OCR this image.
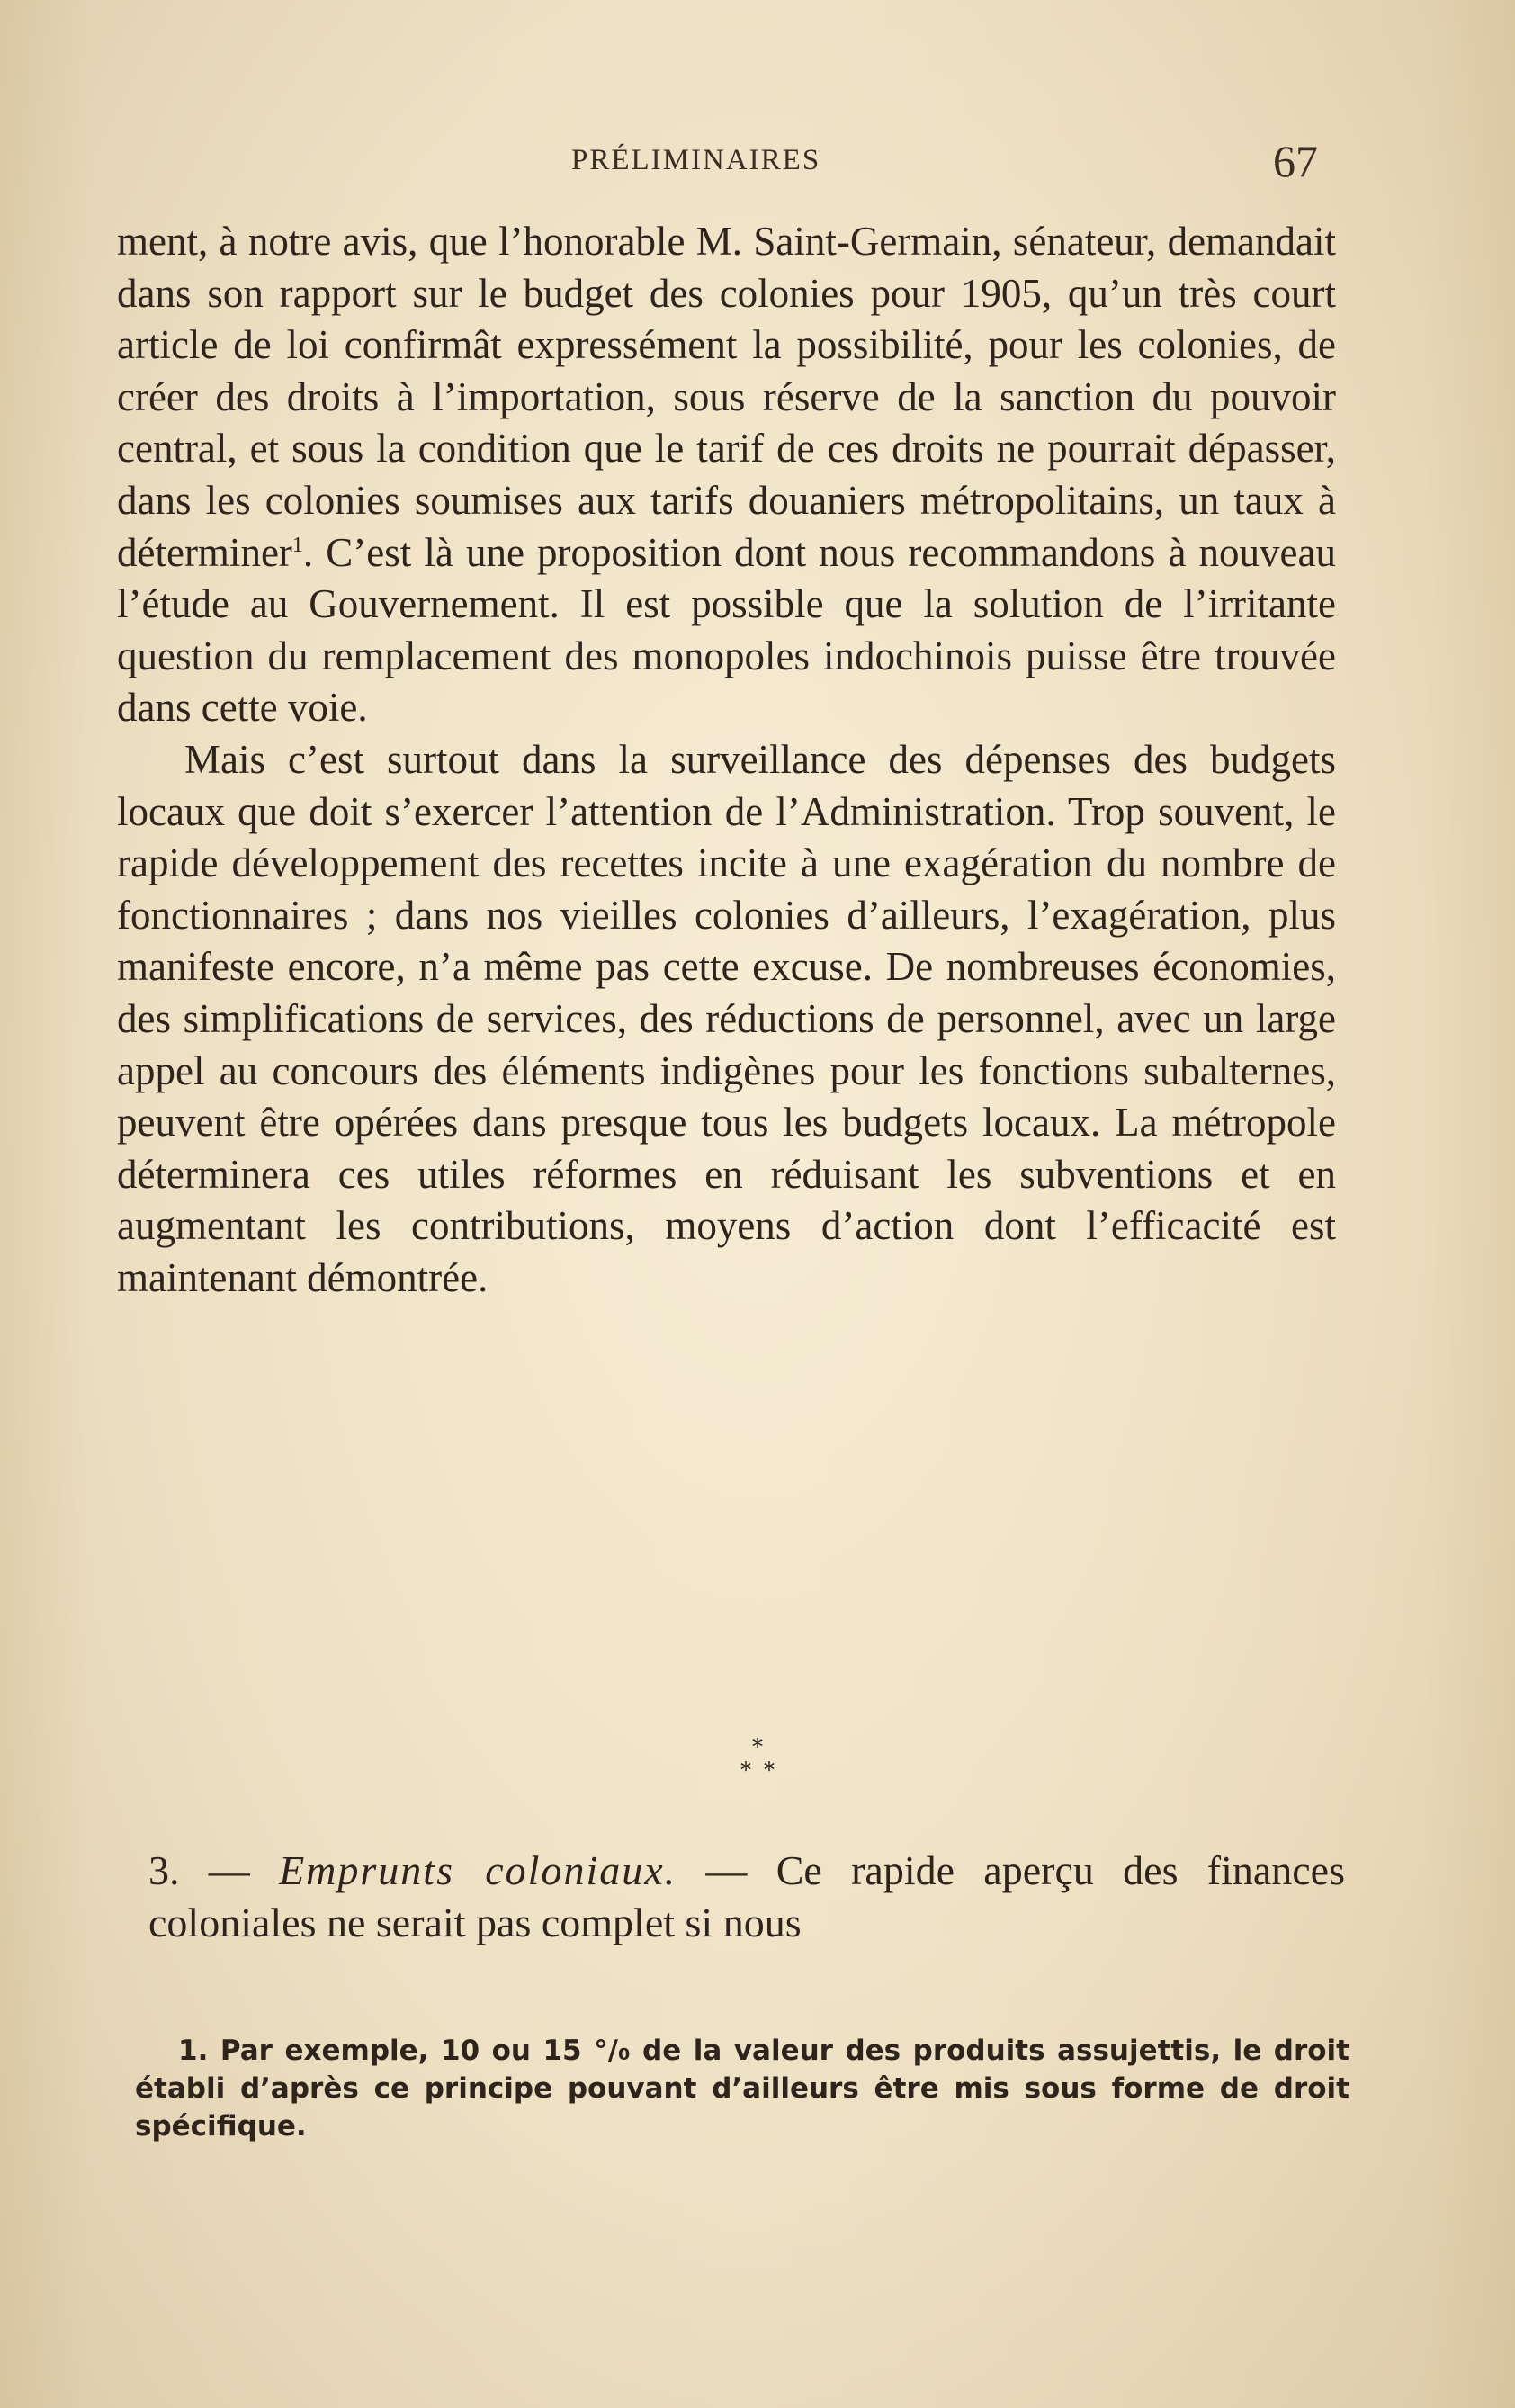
PRÉLIMINAIRES	67

ment, à notre avis, que l’honorable M. Saint-Germain, sénateur, demandait dans son rapport sur le budget des colonies pour 1905, qu’un très court article de loi confirmât expressément la possibilité, pour les colonies, de créer des droits à l’importation, sous réserve de la sanction du pouvoir central, et sous la condition que le tarif de ces droits ne pourrait dépasser, dans les colonies soumises aux tarifs douaniers métropolitains, un taux à déterminer$^1$. C’est là une proposition dont nous recommandons à nouveau l’étude au Gouvernement. Il est possible que la solution de l’irritante question du remplacement des monopoles indochinois puisse être trouvée dans cette voie.

Mais c’est surtout dans la surveillance des dépenses des budgets locaux que doit s’exercer l’attention de l’Administration. Trop souvent, le rapide développement des recettes incite à une exagération du nombre de fonctionnaires ; dans nos vieilles colonies d’ailleurs, l’exagération, plus manifeste encore, n’a même pas cette excuse. De nombreuses économies, des simplifications de services, des réductions de personnel, avec un large appel au concours des éléments indigènes pour les fonctions subalternes, peuvent être opérées dans presque tous les budgets locaux. La métropole déterminera ces utiles réformes en réduisant les subventions et en augmentant les contributions, moyens d’action dont l’efficacité est maintenant démontrée.

*
**
3. — Emprunts coloniaux. — Ce rapide aperçu des finances coloniales ne serait pas complet si nous
1. Par exemple, 10 ou 15 °/₀ de la valeur des produits assujettis, le droit établi d’après ce principe pouvant d’ailleurs être mis sous forme de droit spécifique.
